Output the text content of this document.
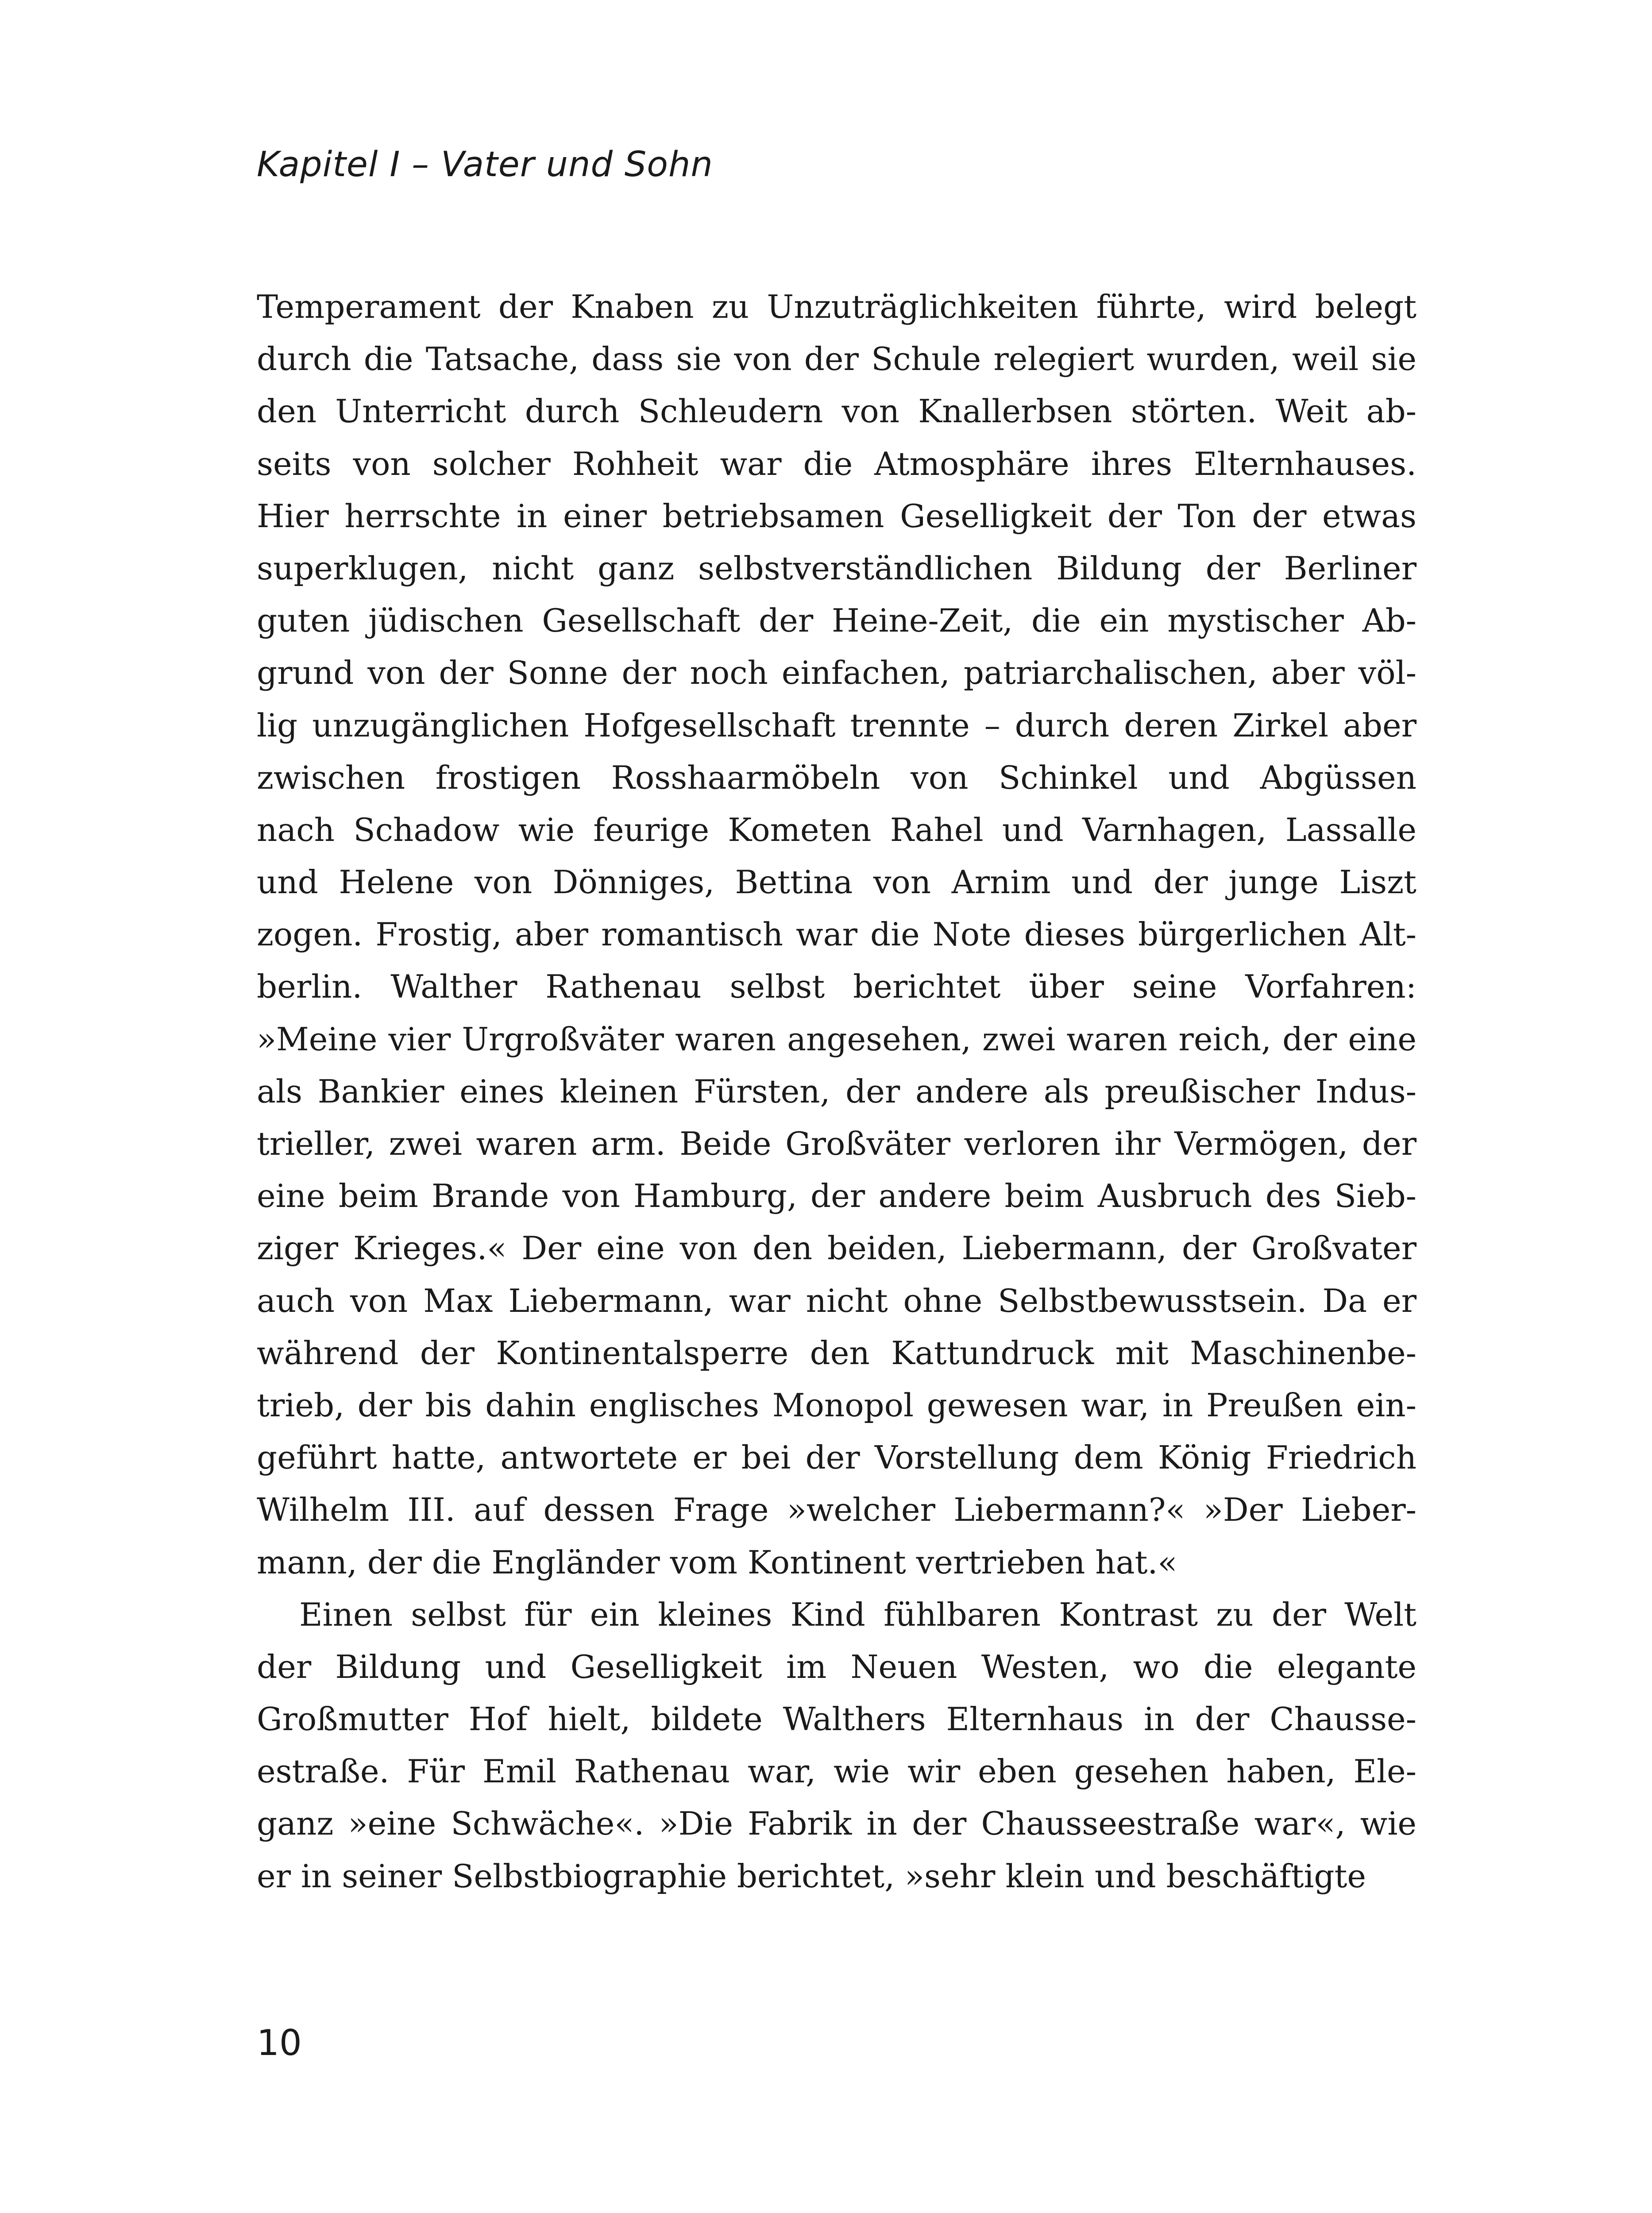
Kapitel I – Vater und Sohn
Temperament der Knaben zu Unzuträglichkeiten führte, wird belegt
durch die Tatsache, dass sie von der Schule relegiert wurden, weil sie
den Unterricht durch Schleudern von Knallerbsen störten. Weit ab-
seits von solcher Rohheit war die Atmosphäre ihres Elternhauses.
Hier herrschte in einer betriebsamen Geselligkeit der Ton der etwas
superklugen, nicht ganz selbstverständlichen Bildung der Berliner
guten jüdischen Gesellschaft der Heine-Zeit, die ein mystischer Ab-
grund von der Sonne der noch einfachen, patriarchalischen, aber völ-
lig unzugänglichen Hofgesellschaft trennte – durch deren Zirkel aber
zwischen frostigen Rosshaarmöbeln von Schinkel und Abgüssen
nach Schadow wie feurige Kometen Rahel und Varnhagen, Lassalle
und Helene von Dönniges, Bettina von Arnim und der junge Liszt
zogen. Frostig, aber romantisch war die Note dieses bürgerlichen Alt-
berlin. Walther Rathenau selbst berichtet über seine Vorfahren:
»Meine vier Urgroßväter waren angesehen, zwei waren reich, der eine
als Bankier eines kleinen Fürsten, der andere als preußischer Indus-
trieller, zwei waren arm. Beide Großväter verloren ihr Vermögen, der
eine beim Brande von Hamburg, der andere beim Ausbruch des Sieb-
ziger Krieges.« Der eine von den beiden, Liebermann, der Großvater
auch von Max Liebermann, war nicht ohne Selbstbewusstsein. Da er
während der Kontinentalsperre den Kattundruck mit Maschinenbe-
trieb, der bis dahin englisches Monopol gewesen war, in Preußen ein-
geführt hatte, antwortete er bei der Vorstellung dem König Friedrich
Wilhelm III. auf dessen Frage »welcher Liebermann?« »Der Lieber-
mann, der die Engländer vom Kontinent vertrieben hat.«
Einen selbst für ein kleines Kind fühlbaren Kontrast zu der Welt
der Bildung und Geselligkeit im Neuen Westen, wo die elegante
Großmutter Hof hielt, bildete Walthers Elternhaus in der Chausse-
estraße. Für Emil Rathenau war, wie wir eben gesehen haben, Ele-
ganz »eine Schwäche«. »Die Fabrik in der Chausseestraße war«, wie
er in seiner Selbstbiographie berichtet, »sehr klein und beschäftigte
10
